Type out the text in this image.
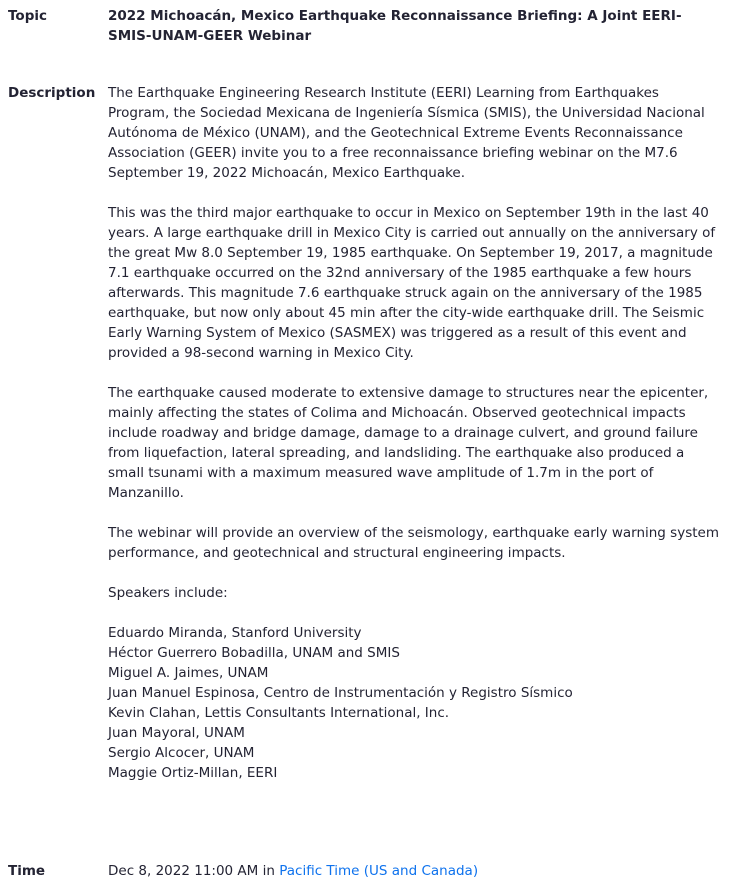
Topic	2022 Michoacán, Mexico Earthquake Reconnaissance Briefing: A Joint EERI-SMIS-UNAM-GEER Webinar
Description The Earthquake Engineering Research Institute (EERI) Learning from Earthquakes Program, the Sociedad Mexicana de Ingeniería Sísmica (SMIS), the Universidad Nacional Autónoma de México (UNAM), and the Geotechnical Extreme Events Reconnaissance Association (GEER) invite you to a free reconnaissance briefing webinar on the M7.6 September 19, 2022 Michoacán, Mexico Earthquake.

This was the third major earthquake to occur in Mexico on September 19th in the last 40 years. A large earthquake drill in Mexico City is carried out annually on the anniversary of the great Mw 8.0 September 19, 1985 earthquake. On September 19, 2017, a magnitude 7.1 earthquake occurred on the 32nd anniversary of the 1985 earthquake a few hours afterwards. This magnitude 7.6 earthquake struck again on the anniversary of the 1985 earthquake, but now only about 45 min after the city-wide earthquake drill. The Seismic Early Warning System of Mexico (SASMEX) was triggered as a result of this event and provided a 98-second warning in Mexico City.

The earthquake caused moderate to extensive damage to structures near the epicenter, mainly affecting the states of Colima and Michoacán. Observed geotechnical impacts include roadway and bridge damage, damage to a drainage culvert, and ground failure from liquefaction, lateral spreading, and landsliding. The earthquake also produced a small tsunami with a maximum measured wave amplitude of 1.7m in the port of Manzanillo.

The webinar will provide an overview of the seismology, earthquake early warning system performance, and geotechnical and structural engineering impacts.

Speakers include:

Eduardo Miranda, Stanford University
Héctor Guerrero Bobadilla, UNAM and SMIS
Miguel A. Jaimes, UNAM
Juan Manuel Espinosa, Centro de Instrumentación y Registro Sísmico
Kevin Clahan, Lettis Consultants International, Inc.
Juan Mayoral, UNAM
Sergio Alcocer, UNAM
Maggie Ortiz-Millan, EERI
Time	Dec 8, 2022 11:00 AM in Pacific Time (US and Canada)
